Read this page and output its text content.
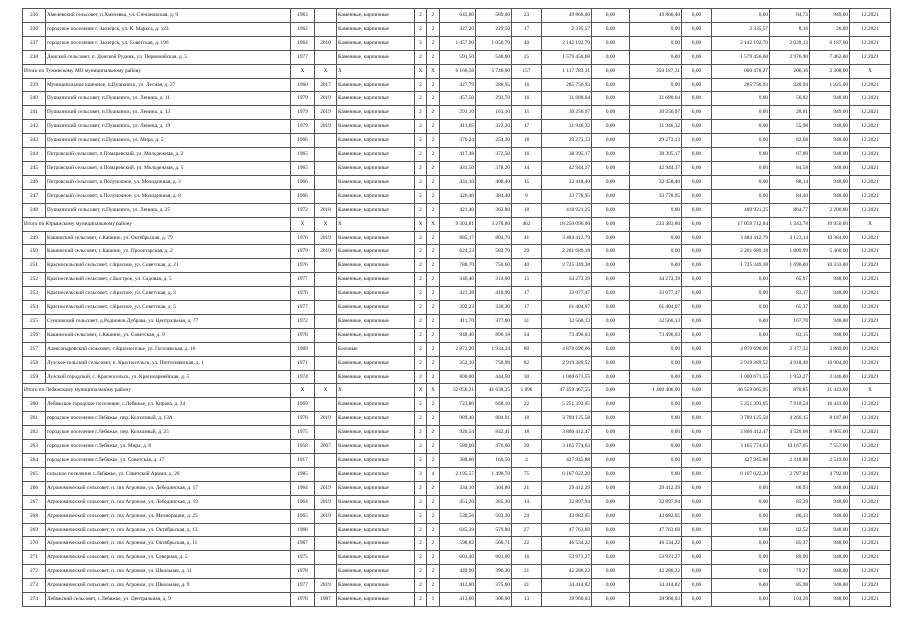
236	Хмелевский сельсовет, п.Хмелевка, ул. Степановская, д. 9	1963		Каменные, кирпичные	2	2	645,80	589,40	23	49 866,40	0,00	49 866,40	0,00	0,00	84,73	949,00	12.2021
236	городское поселение г. Заозерск, ул. К. Маркса, д. 123	1962		Каменные, кирпичные	2	2	327,20	229,50	17	2 335,57	0,00	0,00	0,00	2 335,57	8,16	26,09	12.2021
237	городское поселение г. Заозерск, ул. Советская, д. 196	1964	2010	Каменные, кирпичные	3	2	1 457,90	1 050,70	40	2 142 192,70	0,00	0,00	0,00	2 142 192,70	2 039,13	6 187,00	12.2021
238	Донской сельсовет, п. Донской Рудник, ул. Первомайская, д. 5	1977		Каменные, кирпичные	2	2	591,50	548,00	25	1 579 456,68	0,00	0,00	0,00	1 579 456,68	2 976,90	7 462,00	12.2021
Итого по Тужинскому МО муниципальному району		X	X	X	X	X	6 166,58	5 746,00	157	1 117 783,31	0,00	350 187,31	0,00	000 478,27	206,16	2 308,00	X
239	Муниципальное казенное, п.Пушкинск, ул. Лесная, д. 27	1960	2017	Каменные, кирпичные	2	2	427,79	288,95	16	285 756,93	0,00	0,00	0,00	285 756,93	228,94	1 225,00	12.2021
240	Пушкинский сельсовет, п.Пушкинск, ул. Ленина, д. 11	1979	2019	Каменные, кирпичные	2	2	457,50	293,70	16	31 680,64	0,00	31 680,64	0,00	0,00	56,82	948,00	12.2021
241	Пушкинский сельсовет, п.Пушкинск, ул. Ленина, д. 13	1979	2019	Каменные, кирпичные	2	2	291,10	163,10	15	30 256,97	0,00	30 256,97	0,00	0,00	28,01	949,00	12.2021
242	Пушкинский сельсовет, п.Пушкинск, ул. Ленина, д. 19	1979	2019	Каменные, кирпичные	2	2	411,05	322,20	17	31 946,32	0,00	31 946,32	0,00	0,00	55,98	948,00	12.2021
243	Пушкинский сельсовет, п.Пушкинск, ул. Мира, д. 5	1966		Каменные, кирпичные	2	2	370,24	254,30	18	29 273,13	0,00	29 273,13	0,00	0,00	82,68	948,00	12.2021
244	Петровский сельсовет, п.Помаревский, ул. Молодежная, д. 2	1965		Каменные, кирпичные	2	2	417,48	372,50	16	38 395,17	0,00	38 395,17	0,00	0,00	87,89	948,00	12.2021
245	Петровский сельсовет, п.Помаревский, ул. Молодежная, д. 5	1965		Каменные, кирпичные	2	2	431,50	378,20	14	42 944,37	0,00	42 944,37	0,00	0,00	84,58	948,00	12.2021
246	Петровский сельсовет, п.Полуночное, ул. Молодежная, д. 3	1966		Каменные, кирпичные	2	2	431,10	408,40	15	32 418,40	0,00	32 458,40	0,00	0,00	88,14	948,00	12.2021
247	Петровский сельсовет, п.Полуночное, ул. Молодежная, д. 8	1966		Каменные, кирпичные	2	2	426,40	384,40	9	33 778,95	0,00	33 778,95	0,00	0,00	84,40	948,00	12.2021
248	Пушкинский сельсовет, п.Пушкинск, ул. Ленина, д. 25	1972	2018	Каменные, кирпичные	2	2	421,40	362,80	18	418 921,25	0,00	0,00	0,00	409 921,25	864,77	2 200,00	12.2021
Итого по Юрьянскому муниципальному району		X	X	X	X	X	9 303,81	3 278,80	462	18 250 096,00	0,00	233 483,80	0,00	17 059 712,84	1 343,78	10 950,00	X
249	Кашинский сельсовет, с.Кашино, ул. Октябрьская, д. 79	1976	2019	Каменные, кирпичные	2	2	885,17	804,70	41	3 484 412,79	0,00	0,00	0,00	3 484 412,79	4 123,14	10 384,00	12.2021
250	Кашинский сельсовет, с.Кашино, ул. Пролетарская, д. 2	1979	2019	Каменные, кирпичные	2	2	624,53	582,70	29	2 201 689,18	0,00	0,00	0,00	2 201 689,18	1 809,99	5 460,00	12.2021
251	Красносельский сельсовет, с.Красное, ул. Советская, д. 21	1976		Каменные, кирпичные	2	2	788,70	750,60	40	2 725 349,38	0,00	0,00	0,00	1 725 349,38	1 690,00	10 333,00	12.2021
252	Красносельский сельсовет, с.Быстрое, ул. Садовая, д. 5	1977		Каменные, кирпичные	2	2	346,40	314,60	15	34 273,39	0,00	34 273,39	0,00	0,00	65,97	948,00	12.2021
253	Красносельский сельсовет, с.Красное, ул. Советская, д. 3	1976		Каменные, кирпичные	2	2	421,38	410,90	17	33 077,47	0,00	33 077,47	0,00	0,00	83,17	948,00	12.2021
254	Красносельский сельсовет, с.Красное, ул. Советская, д. 5	1977		Каменные, кирпичные	2	2	392,23	330,30	17	61 404,07	0,00	61 404,07	0,00	0,00	65,37	948,00	12.2021
255	Сунцовский сельсовет, д.Родионов Дубрава, ул. Центральная, д. 77	1972		Каменные, кирпичные	2	2	411,70	377,00	31	32 566,13	0,00	32 566,13	0,00	0,00	167,70	948,00	12.2021
256	Кашинский сельсовет, с.Кашино, ул. Советская, д. 9	1978		Каменные, кирпичные	2	2	948,40	896,18	34	73 496,03	0,00	73 496,03	0,00	0,00	83,15	948,00	12.2021
257	Александровский сельсовет, с.Красноселье, ул. Гоголевская, д. 16	1989		Блочные	2	2	2 872,20	1 934,34	80	4 870 690,06	0,00	0,00	0,00	4 870 690,06	2 377,32	3 869,00	12.2021
258	Лузское-сельский сельсовет, п. Красносельск, ул. Пичтеляевская, д. 1	1971		Каменные, кирпичные	2	2	352,10	750,98	82	2 919 389,52	0,00	0,00	0,00	2 919 389,52	4 918,49	10 904,00	12.2021
259	Лузский городской, с. Красносельск, ул. Красноармейская, д. 5	1974		Каменные, кирпичные	2	2	800,00	444,50	30	1 000 671,55	0,00	0,00	0,00	1 000 671,55	1 952,27	2 346,00	12.2021
Итого по Лебяжскому муниципальному району		X	X	X	X	X	32 056,21	41 638,25	1 896	47 459 467,55	0,00	1 400 406,00	0,00	46 559 065,95	870,85	21 443,00	X
260	Лебяжское городское поселение, с.Лебяжье, ул. Кирова, д. 24	1969		Каменные, кирпичные	2	2	723,80	668,10	22	5 251 393,05	0,00	0,00	0,00	5 251 393,05	7 918,54	16 443,00	12.2021
261	городское поселение г.Лебяжье, пер. Колхозный, д. 13А	1978	2019	Каменные, кирпичные	2	2	989,40	884,01	18	3 709 125,58	0,00	0,00	0,00	3 709 125,58	4 266,15	8 187,00	12.2021
262	городское поселение г.Лебяжье, пер. Колхозный, д. 25	1975		Каменные, кирпичные	2	2	926,54	842,41	18	3 806 412,47	0,00	0,00	0,00	3 806 412,47	4 520,08	8 965,00	12.2021
263	городское поселение г.Лебяжье, ул. Мира, д. 8	1958	2007	Каменные, кирпичные	2	2	580,00	476,60	20	3 165 774,63	0,00	0,00	0,00	3 165 774,63	10 167,05	7 557,00	12.2021
264	городское поселение г.Лебяжье, ул. Советская, д. 17	1917		Каменные, кирпичные	2	2	388,60	166,50	4	427 945,88	0,00	0,00	0,00	427 945,88	2 318,88	2 519,00	12.2021
265	сельское поселение с.Лебяжье, ул. Советской Армии, д. 26	1985		Каменные, кирпичные	3	4	2 195,57	1 498,70	75	6 167 022,20	0,00	0,00	0,00	6 167 022,20	2 787,84	4 792,00	12.2021
266	Агрономический сельсовет, п. свх Агроном, ул. Лебединская, д. 17	1964	2019	Каменные, кирпичные	2	2	334,10	304,80	21	29 412,39	0,00	29 412,39	0,00	0,00	86,93	948,00	12.2021
267	Агрономический сельсовет, п. свх Агроном, ул. Лебединская, д. 19	1964	2019	Каменные, кирпичные	2	2	451,20	385,30	14	32 897,94	0,00	32 897,94	0,00	0,00	85,39	948,00	12.2021
268	Агрономический сельсовет, п. свх Агроном, ул. Мелиорации, д. 25	1965	2019	Каменные, кирпичные	2	2	530,56	503,30	24	43 682,05	0,00	43 682,05	0,00	0,00	86,13	948,00	12.2021
269	Агрономический сельсовет, п. свх Агроном, ул. Октябрьская, д. 13	1968		Каменные, кирпичные	2	2	645,39	579,80	27	47 763,69	0,00	47 763,69	0,00	0,00	82,52	948,00	12.2021
270	Агрономический сельсовет, п. свх Агроном, ул. Октябрьская, д. 11	1967		Каменные, кирпичные	2	2	598,82	560,71	22	46 534,22	0,00	46 534,22	0,00	0,00	85,37	948,00	12.2021
271	Агрономический сельсовет, п. свх Агроном, ул. Северная, д. 5	1975		Каменные, кирпичные	2	2	603,40	601,00	16	53 971,27	0,00	53 971,27	0,00	0,00	89,90	948,00	12.2021
272	Агрономический сельсовет, п. свх Агроном, ул. Школьная, д. 11	1978		Каменные, кирпичные	2	2	449,90	396,30	21	42 286,22	0,00	42 286,22	0,00	0,00	79,27	948,00	12.2021
273	Агрономический сельсовет, п. свх Агроном, ул. Школьная, д. 9	1977	2019	Каменные, кирпичные	2	2	412,80	375,00	21	34 414,82	0,00	34 414,82	0,00	0,00	85,98	948,00	12.2021
274	Лебяжский сельсовет, с.Лебяжье, ул. Центральная, д. 9	1978	1987	Каменные, кирпичные	2	1	413,00	306,00	13	39 960,03	0,00	39 960,03	0,00	0,00	104,29	948,00	12.2021
